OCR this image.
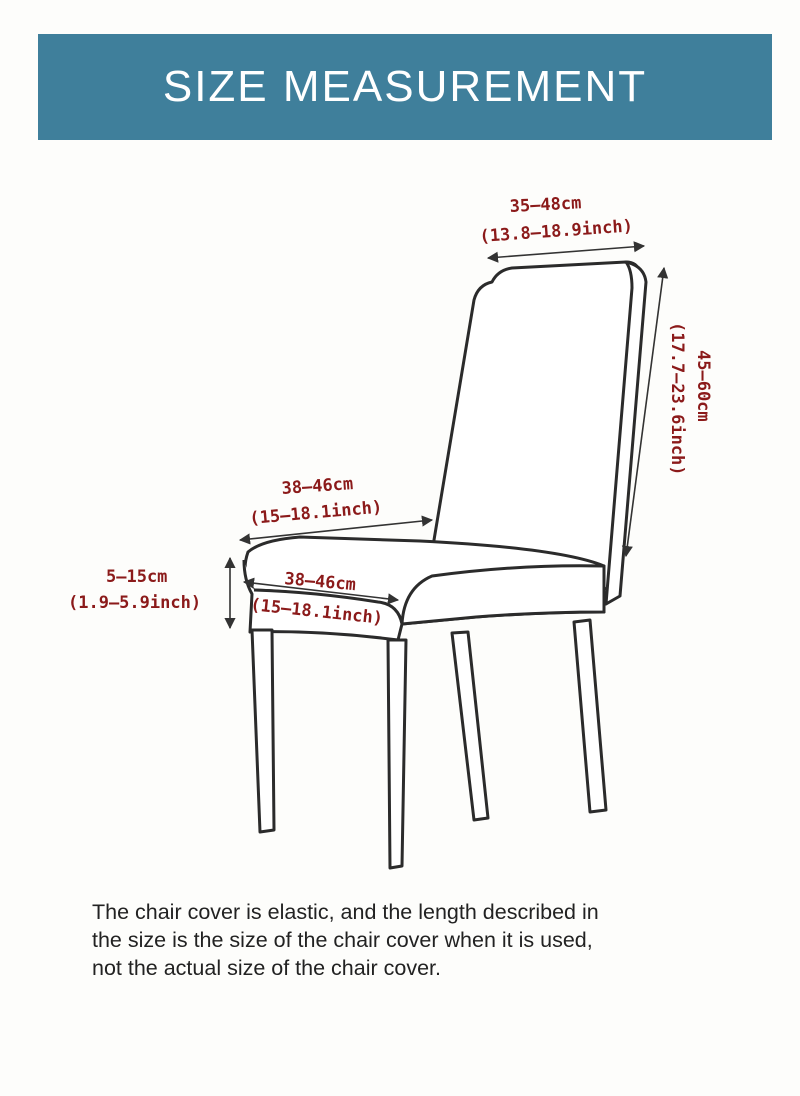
SIZE MEASUREMENT
35–48cm
(13.8–18.9inch)
45–60cm
(17.7–23.6inch)
38–46cm
(15–18.1inch)
38–46cm
(15–18.1inch)
5–15cm
(1.9–5.9inch)
The chair cover is elastic, and the length described in
the size is the size of the chair cover when it is used,
not the actual size of the chair cover.
